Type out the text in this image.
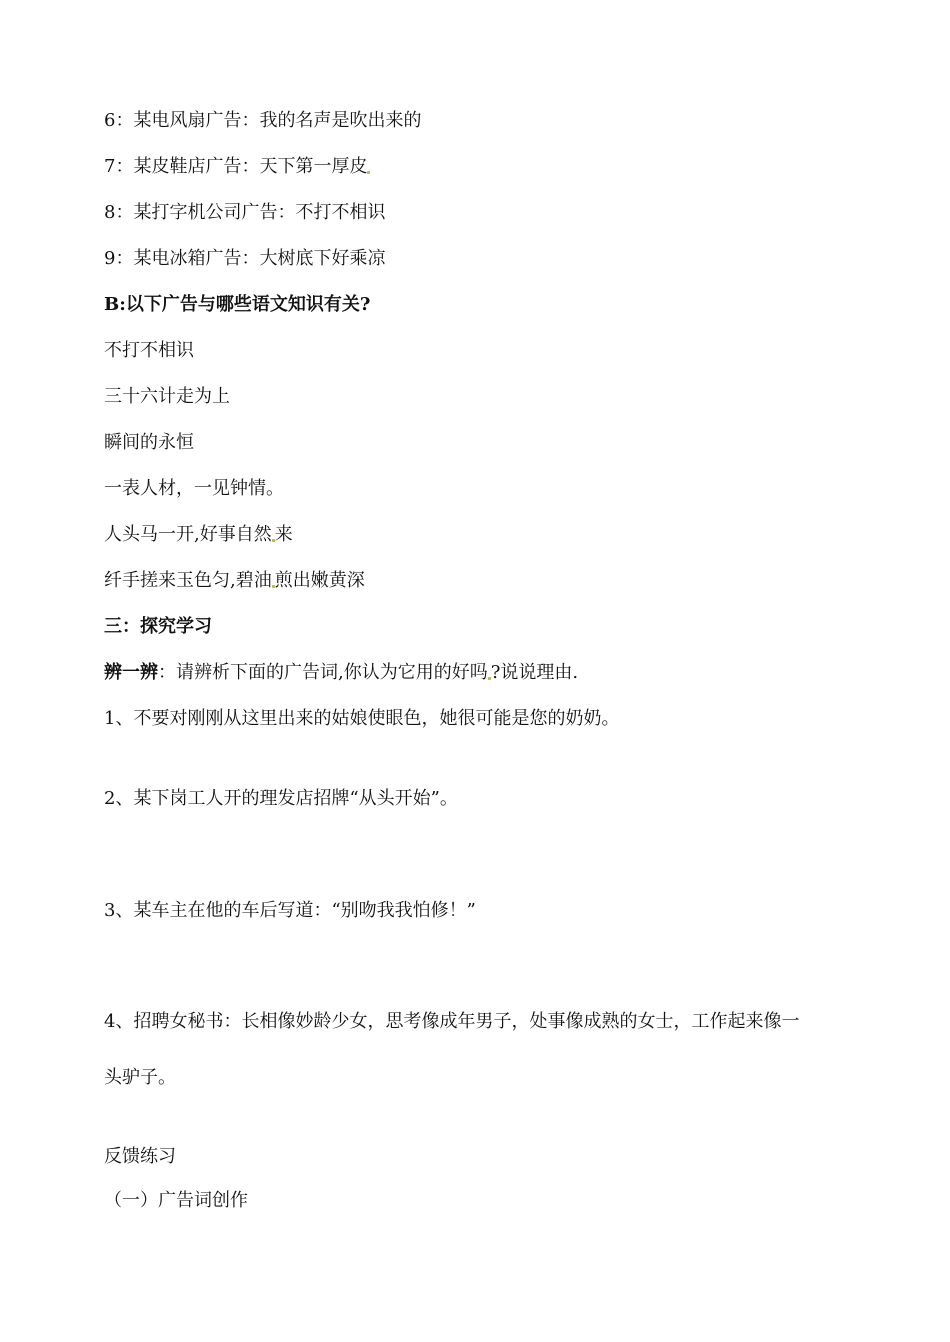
6：某电风扇广告：我的名声是吹出来的
7：某皮鞋店广告：天下第一厚皮
8：某打字机公司广告：不打不相识
9：某电冰箱广告：大树底下好乘凉
B:以下广告与哪些语文知识有关?
不打不相识
三十六计走为上
瞬间的永恒
一表人材，一见钟情。
人头马一开,好事自然 来
纤手搓来玉色匀,碧油 煎出嫩黄深
三：探究学习
辨一辨：请辨析下面的广告词,你认为它用的好吗 ?说说理由.
1、不要对刚刚从这里出来的姑娘使眼色，她很可能是您的奶奶。
2、某下岗工人开的理发店招牌“从头开始”。
3、某车主在他的车后写道：“别吻我我怕修！”
4、招聘女秘书：长相像妙龄少女，思考像成年男子，处事像成熟的女士，工作起来像一
头驴子。
反馈练习
（一）广告词创作
